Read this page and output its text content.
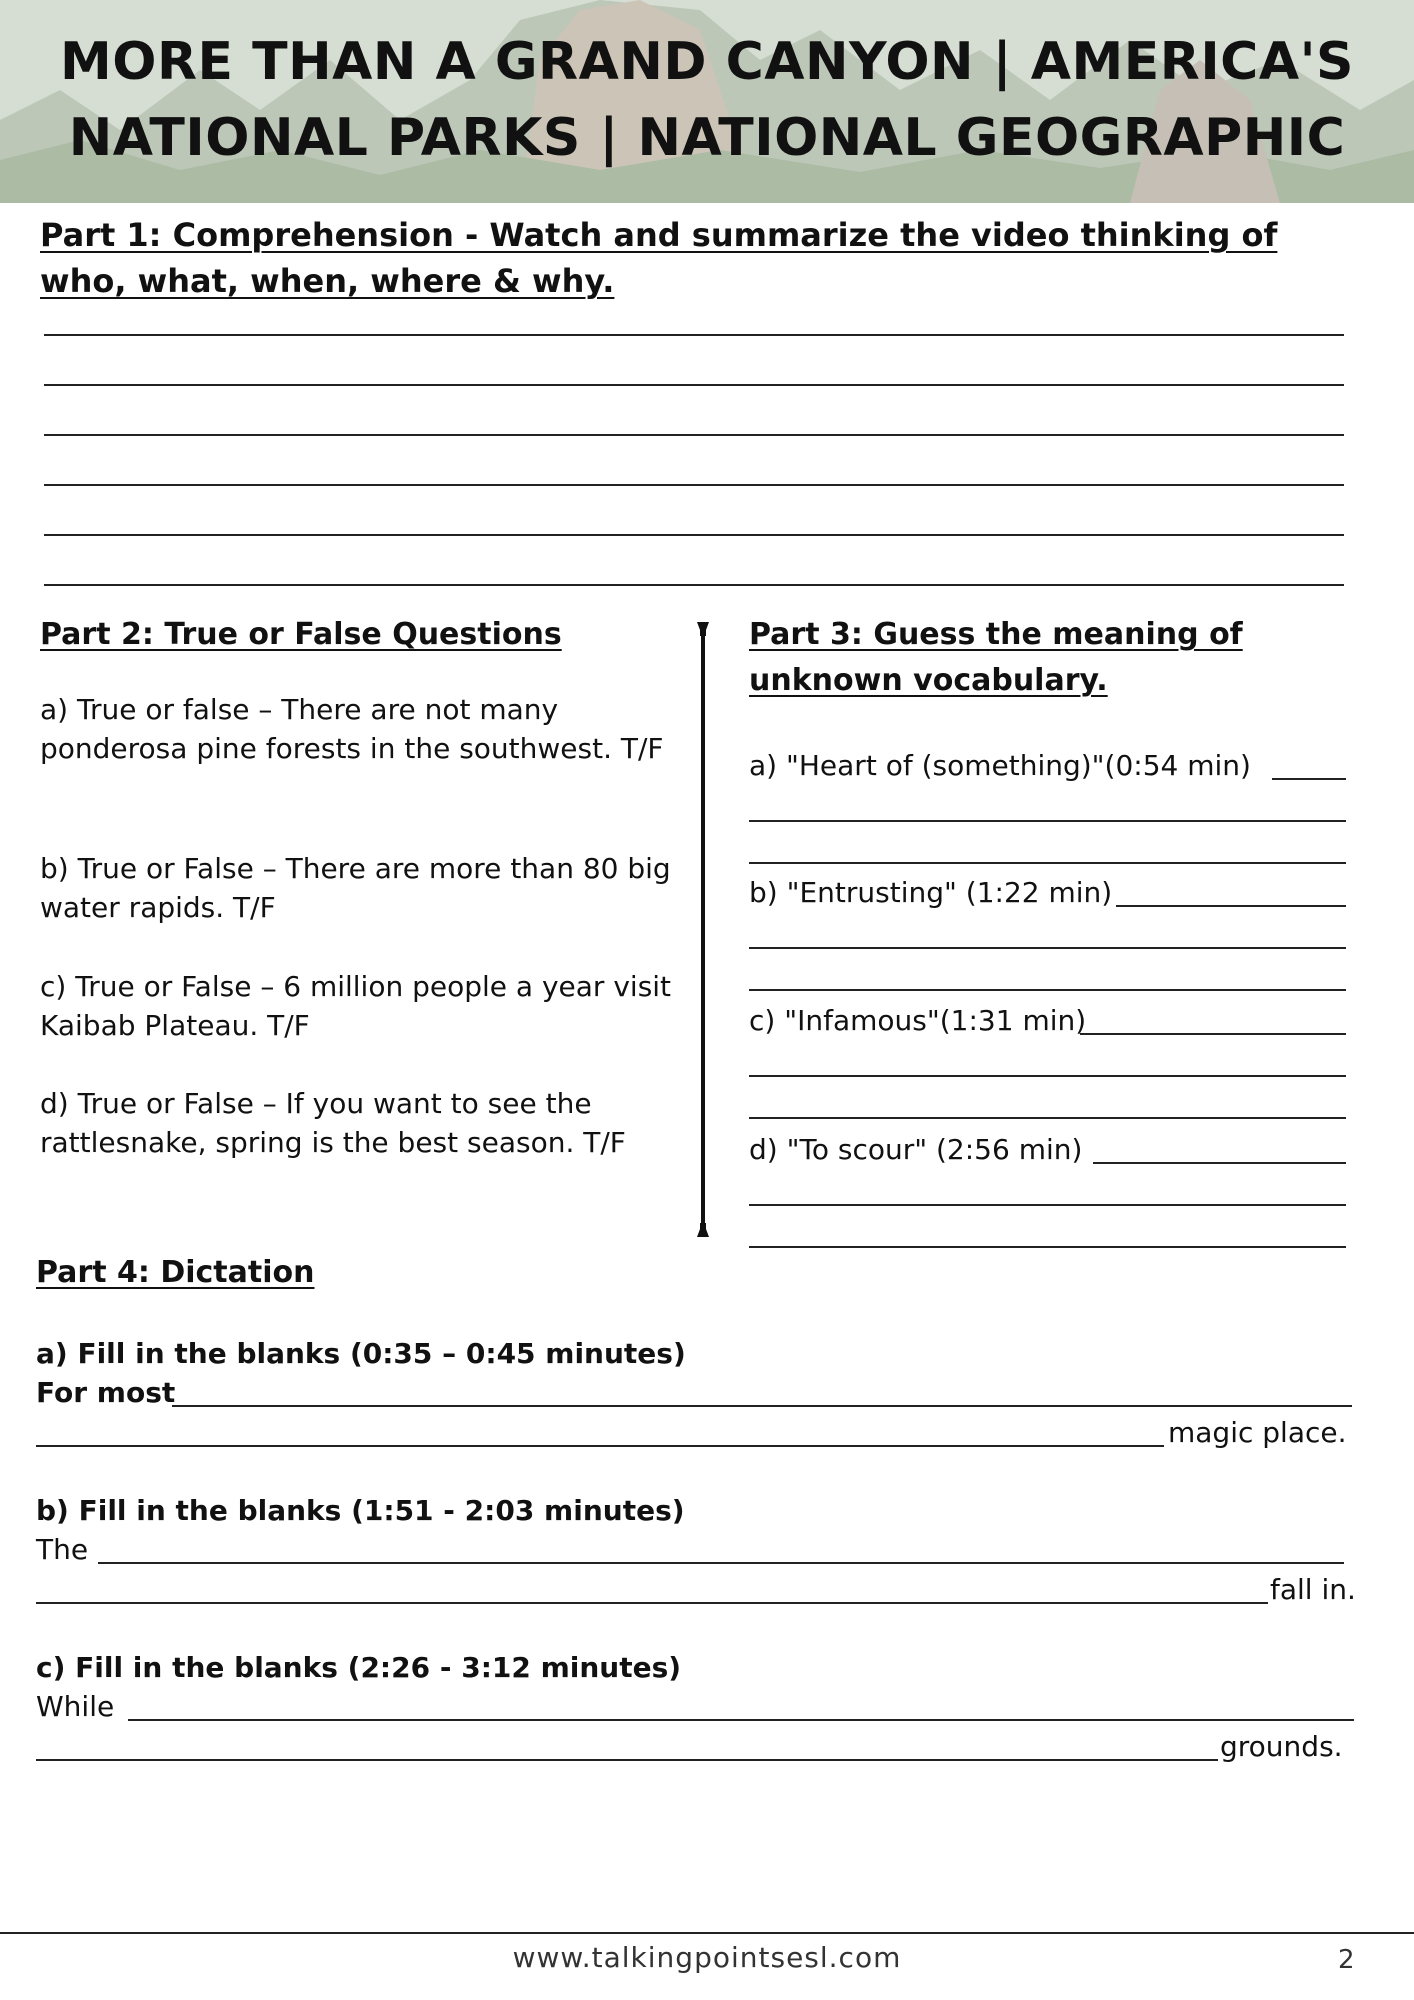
MORE THAN A GRAND CANYON | AMERICA'S
NATIONAL PARKS | NATIONAL GEOGRAPHIC
Part 1: Comprehension - Watch and summarize the video thinking of who, what, when, where & why.
Part 2: True or False Questions
a) True or false – There are not many ponderosa pine forests in the southwest. T/F
b) True or False – There are more than 80 big water rapids. T/F
c) True or False – 6 million people a year visit Kaibab Plateau. T/F
d) True or False – If you want to see the rattlesnake, spring is the best season. T/F
Part 3: Guess the meaning of unknown vocabulary.
a) "Heart of (something)"(0:54 min)
b) "Entrusting" (1:22 min)
c) "Infamous"(1:31 min)
d) "To scour" (2:56 min)
Part 4: Dictation
a) Fill in the blanks (0:35 – 0:45 minutes)
For most
magic place.
b) Fill in the blanks (1:51 - 2:03 minutes)
The
fall in.
c) Fill in the blanks (2:26 - 3:12 minutes)
While
grounds.
www.talkingpointsesl.com	2
